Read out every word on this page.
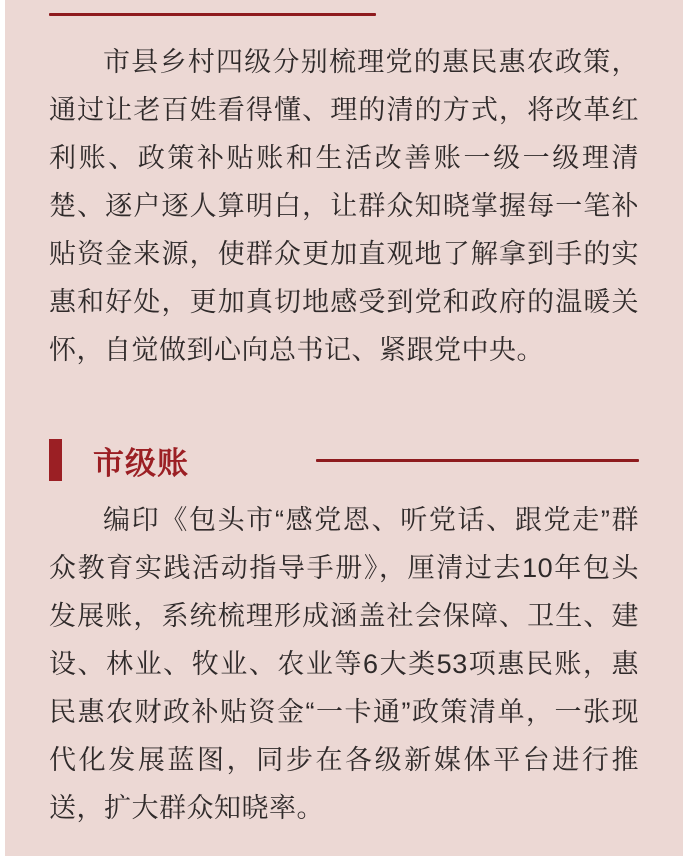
市县乡村四级分别梳理党的惠民惠农政策，通过让老百姓看得懂、理的清的方式，将改革红利账、政策补贴账和生活改善账一级一级理清楚、逐户逐人算明白，让群众知晓掌握每一笔补贴资金来源，使群众更加直观地了解拿到手的实惠和好处，更加真切地感受到党和政府的温暖关怀，自觉做到心向总书记、紧跟党中央。

市级账

编印《包头市“感党恩、听党话、跟党走”群众教育实践活动指导手册》，厘清过去10年包头发展账，系统梳理形成涵盖社会保障、卫生、建设、林业、牧业、农业等6大类53项惠民账，惠民惠农财政补贴资金“一卡通”政策清单，一张现代化发展蓝图，同步在各级新媒体平台进行推送，扩大群众知晓率。
